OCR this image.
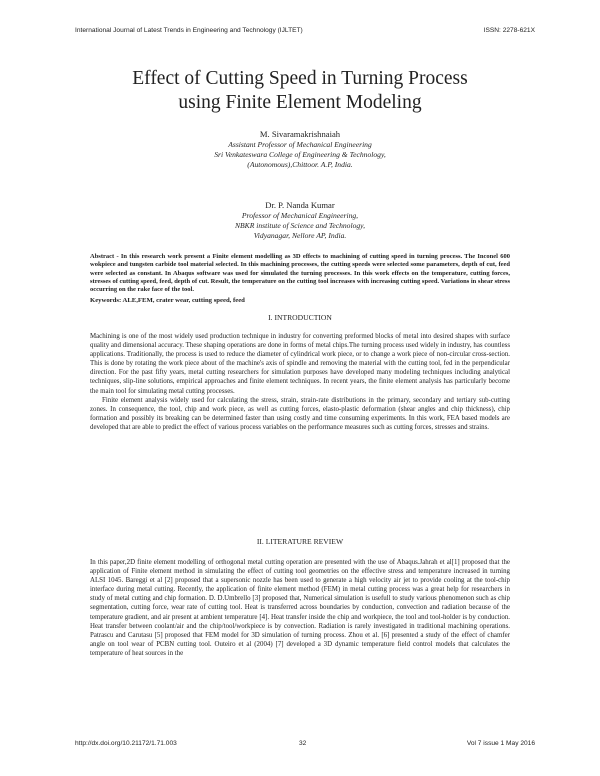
International Journal of Latest Trends in Engineering and Technology (IJLTET)	ISSN: 2278-621X
Effect of Cutting Speed in Turning Process
using Finite Element Modeling
M. Sivaramakrishnaiah
Assistant Professor of Mechanical Engineering
Sri Venkateswara College of Engineering & Technology,
(Autonomous),Chittoor. A.P, India.
Dr. P. Nanda Kumar
Professor of Mechanical Engineering,
NBKR institute of Science and Technology,
Vidyanagar, Nellore AP, India.

Abstract - In this research work present a Finite element modelling as 3D effects to machining of cutting speed in turning process. The Inconel 600 wokpiece and tungsten carbide tool material selected. In this machining processes, the cutting speeds were selected some parameters, depth of cut, feed were selected as constant. In Abaqus software was used for simulated the turning processes. In this work effects on the temperature, cutting forces, stresses of cutting speed, feed, depth of cut. Result, the temperature on the cutting tool increases with increasing cutting speed. Variations in shear stress occurring on the rake face of the tool.

Keywords: ALE,FEM, crater wear, cutting speed, feed

I. INTRODUCTION

Machining is one of the most widely used production technique in industry for converting preformed blocks of metal into desired shapes with surface quality and dimensional accuracy. These shaping operations are done in forms of metal chips.The turning process used widely in industry, has countless applications. Traditionally, the process is used to reduce the diameter of cylindrical work piece, or to change a work piece of non-circular cross-section. This is done by rotating the work piece about of the machine's axis of spindle and removing the material with the cutting tool, fed in the perpendicular direction. For the past fifty years, metal cutting researchers for simulation purposes have developed many modeling techniques including analytical techniques, slip-line solutions, empirical approaches and finite element techniques. In recent years, the finite element analysis has particularly become the main tool for simulating metal cutting processes.

Finite element analysis widely used for calculating the stress, strain, strain-rate distributions in the primary, secondary and tertiary sub-cutting zones. In consequence, the tool, chip and work piece, as well as cutting forces, elasto-plastic deformation (shear angles and chip thickness), chip formation and possibly its breaking can be determined faster than using costly and time consuming experiments. In this work, FEA based models are developed that are able to predict the effect of various process variables on the performance measures such as cutting forces, stresses and strains.

II. LITERATURE REVIEW

In this paper,2D finite element modelling of orthogonal metal cutting operation are presented with the use of Abaqus.Jahrah et al[1] proposed that the application of Finite element method in simulating the effect of cutting tool geometries on the effective stress and temperature increased in turning ALSI 1045. Bareggi et al [2] proposed that a supersonic nozzle has been used to generate a high velocity air jet to provide cooling at the tool-chip interface during metal cutting. Recently, the application of finite element method (FEM) in metal cutting process was a great help for researchers in study of metal cutting and chip formation. D. D.Umbrello [3] proposed that, Numerical simulation is usefull to study various phenomenon such as chip segmentation, cutting force, wear rate of cutting tool. Heat is transferred across boundaries by conduction, convection and radiation because of the temperature gradient, and air present at ambient temperature [4]. Heat transfer inside the chip and workpiece, the tool and tool-holder is by conduction. Heat transfer between coolant/air and the chip/tool/workpiece is by convection. Radiation is rarely investigated in traditional machining operations. Patrascu and Carutasu [5] proposed that FEM model for 3D simulation of turning process. Zhou et al. [6] presented a study of the effect of chamfer angle on tool wear of PCBN cutting tool. Outeiro et al (2004) [7] developed a 3D dynamic temperature field control models that calculates the temperature of heat sources in the

http://dx.doi.org/10.21172/1.71.003	32	Vol 7 issue 1 May 2016
